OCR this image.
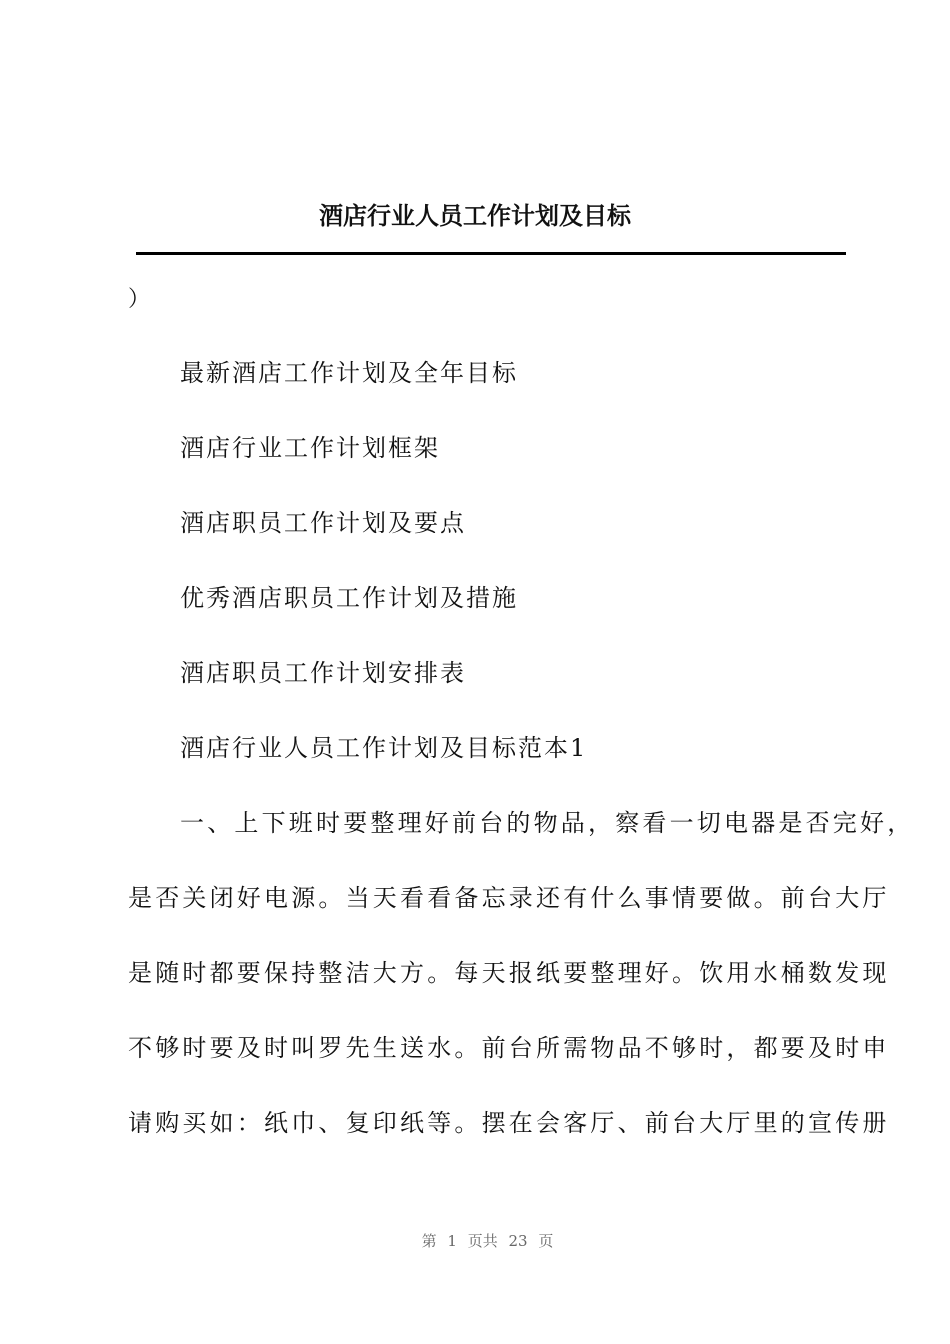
酒店行业人员工作计划及目标
）
最新酒店工作计划及全年目标
酒店行业工作计划框架
酒店职员工作计划及要点
优秀酒店职员工作计划及措施
酒店职员工作计划安排表
酒店行业人员工作计划及目标范本1
一、上下班时要整理好前台的物品，察看一切电器是否完好，
是否关闭好电源。当天看看备忘录还有什么事情要做。前台大厅
是随时都要保持整洁大方。每天报纸要整理好。饮用水桶数发现
不够时要及时叫罗先生送水。前台所需物品不够时，都要及时申
请购买如：纸巾、复印纸等。摆在会客厅、前台大厅里的宣传册
第 1 页共 23 页
